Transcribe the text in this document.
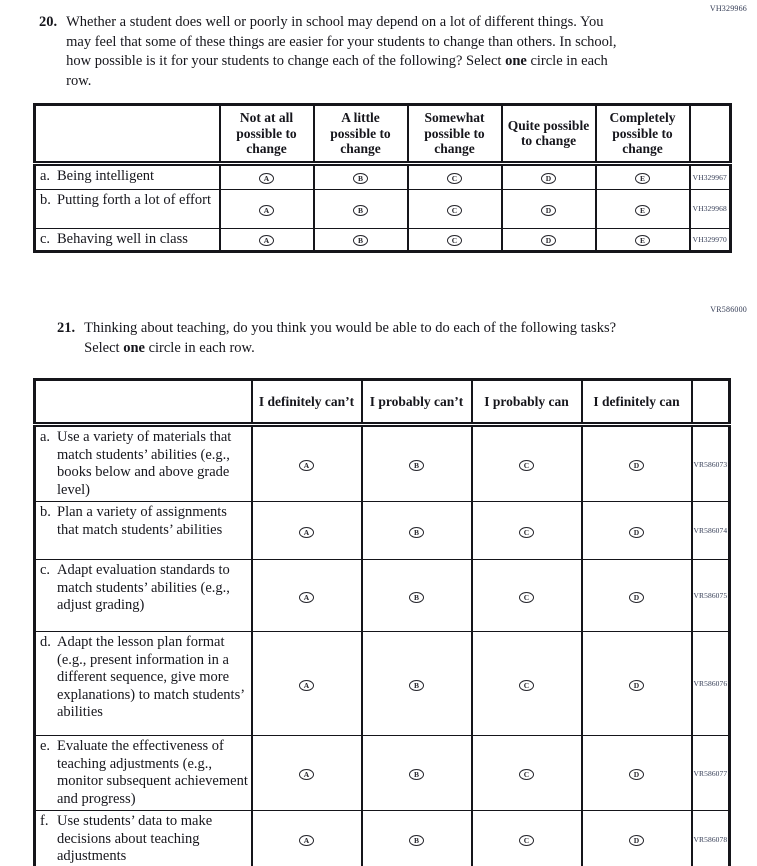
VH329966
20. Whether a student does well or poorly in school may depend on a lot of different things. You may feel that some of these things are easier for your students to change than others. In school, how possible is it for your students to change each of the following? Select one circle in each row.
	Not at all possible to change	A little possible to change	Somewhat possible to change	Quite possible to change	Completely possible to change	

a. Being intelligent	A	B	C	D	E	VH329967

b. Putting forth a lot of effort	A	B	C	D	E	VH329968

c. Behaving well in class	A	B	C	D	E	VH329970
VR586000
21. Thinking about teaching, do you think you would be able to do each of the following tasks? Select one circle in each row.
	I definitely can’t	I probably can’t	I probably can	I definitely can	

a. Use a variety of materials that match students’ abilities (e.g., books below and above grade level)	A	B	C	D	VR586073

b. Plan a variety of assignments that match students’ abilities	A	B	C	D	VR586074

c. Adapt evaluation standards to match students’ abilities (e.g., adjust grading)	A	B	C	D	VR586075

d. Adapt the lesson plan format (e.g., present information in a different sequence, give more explanations) to match students’ abilities	A	B	C	D	VR586076

e. Evaluate the effectiveness of teaching adjustments (e.g., monitor subsequent achievement and progress)	A	B	C	D	VR586077

f. Use students’ data to make decisions about teaching adjustments	A	B	C	D	VR586078
